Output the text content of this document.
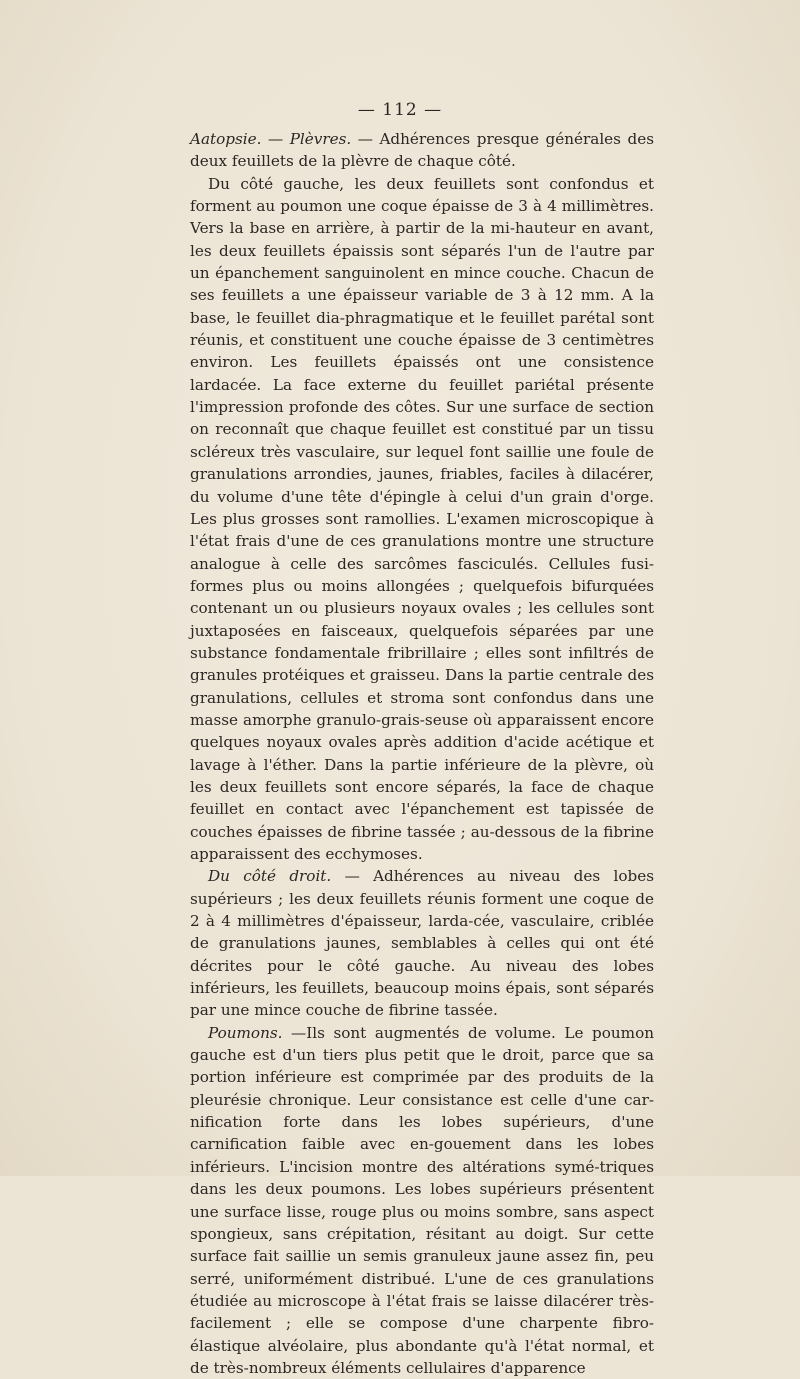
— 112 —

Aatopsie. — Plèvres. — Adhérences presque générales des deux feuillets de la plèvre de chaque côté.

Du côté gauche, les deux feuillets sont confondus et forment au poumon une coque épaisse de 3 à 4 millimètres. Vers la base en arrière, à partir de la mi-hauteur en avant, les deux feuillets épaissis sont séparés l'un de l'autre par un épanchement sanguinolent en mince couche. Chacun de ses feuillets a une épaisseur variable de 3 à 12 mm. A la base, le feuillet dia-phragmatique et le feuillet parétal sont réunis, et constituent une couche épaisse de 3 centimètres environ. Les feuillets épaissés ont une consistence lardacée. La face externe du feuillet pariétal présente l'impression profonde des côtes. Sur une surface de section on reconnaît que chaque feuillet est constitué par un tissu scléreux très vasculaire, sur lequel font saillie une foule de granulations arrondies, jaunes, friables, faciles à dilacérer, du volume d'une tête d'épingle à celui d'un grain d'orge. Les plus grosses sont ramollies. L'examen microscopique à l'état frais d'une de ces granulations montre une structure analogue à celle des sarcômes fasciculés. Cellules fusi-formes plus ou moins allongées ; quelquefois bifurquées contenant un ou plusieurs noyaux ovales ; les cellules sont juxtaposées en faisceaux, quelquefois séparées par une substance fondamentale fribrillaire ; elles sont infiltrés de granules protéiques et graisseu. Dans la partie centrale des granulations, cellules et stroma sont confondus dans une masse amorphe granulo-grais-seuse où apparaissent encore quelques noyaux ovales après addition d'acide acétique et lavage à l'éther. Dans la partie inférieure de la plèvre, où les deux feuillets sont encore séparés, la face de chaque feuillet en contact avec l'épanchement est tapissée de couches épaisses de fibrine tassée ; au-dessous de la fibrine apparaissent des ecchymoses.

Du côté droit. — Adhérences au niveau des lobes supérieurs ; les deux feuillets réunis forment une coque de 2 à 4 millimètres d'épaisseur, larda-cée, vasculaire, criblée de granulations jaunes, semblables à celles qui ont été décrites pour le côté gauche. Au niveau des lobes inférieurs, les feuillets, beaucoup moins épais, sont séparés par une mince couche de fibrine tassée.

Poumons. —Ils sont augmentés de volume. Le poumon gauche est d'un tiers plus petit que le droit, parce que sa portion inférieure est comprimée par des produits de la pleurésie chronique. Leur consistance est celle d'une car-nification forte dans les lobes supérieurs, d'une carnification faible avec en-gouement dans les lobes inférieurs. L'incision montre des altérations symé-triques dans les deux poumons. Les lobes supérieurs présentent une surface lisse, rouge plus ou moins sombre, sans aspect spongieux, sans crépitation, résitant au doigt. Sur cette surface fait saillie un semis granuleux jaune assez fin, peu serré, uniformément distribué. L'une de ces granulations étudiée au microscope à l'état frais se laisse dilacérer très-facilement ; elle se compose d'une charpente fibro-élastique alvéolaire, plus abondante qu'à l'état normal, et de très-nombreux éléments cellulaires d'apparence
